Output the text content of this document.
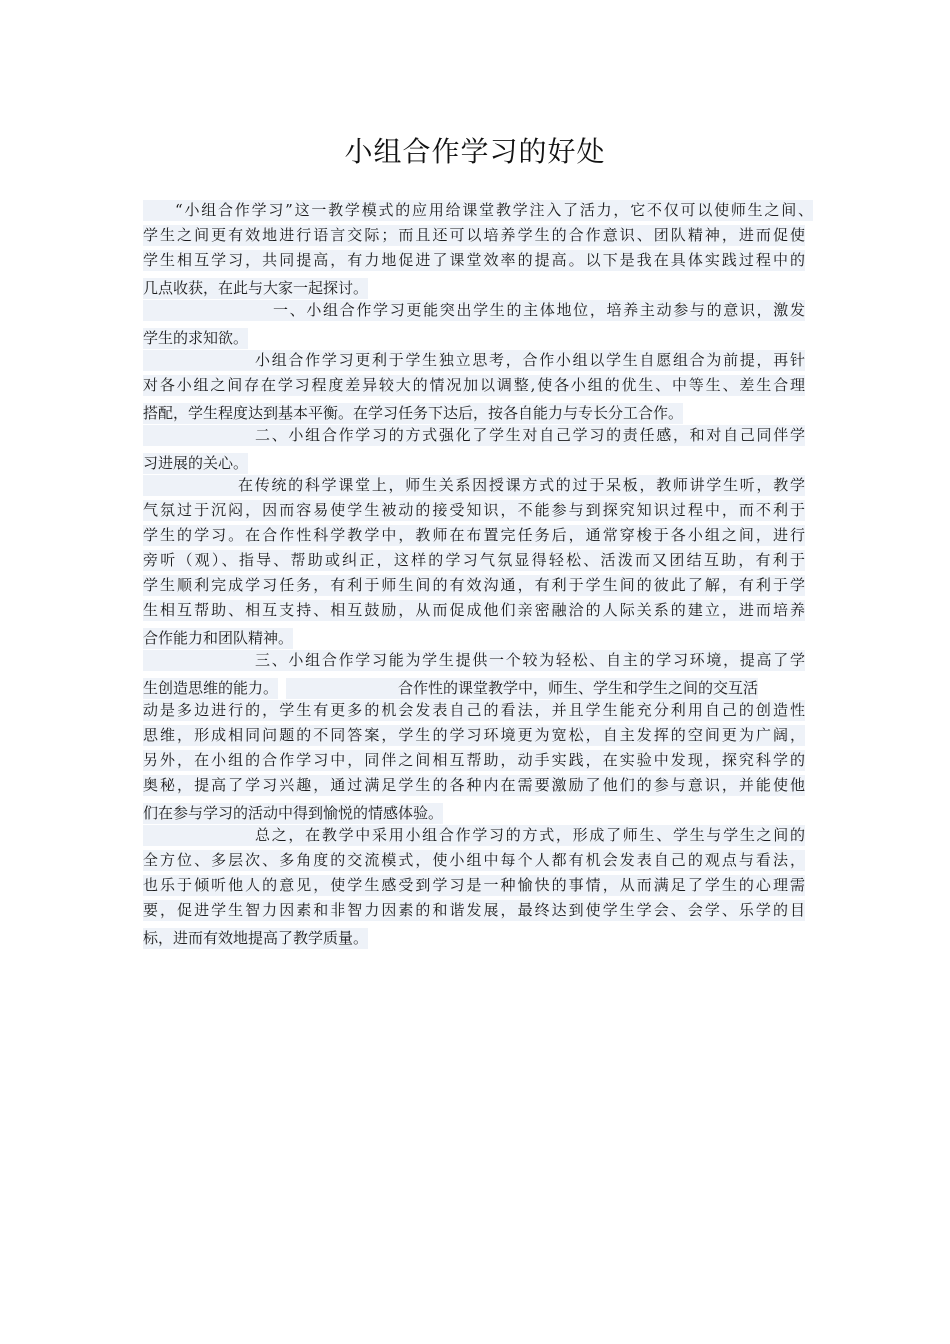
小组合作学习的好处
“小组合作学习”这一教学模式的应用给课堂教学注入了活力，它不仅可以使师生之间、
学生之间更有效地进行语言交际；而且还可以培养学生的合作意识、团队精神，进而促使
学生相互学习，共同提高，有力地促进了课堂效率的提高。以下是我在具体实践过程中的
几点收获，在此与大家一起探讨。
一、小组合作学习更能突出学生的主体地位，培养主动参与的意识，激发
学生的求知欲。
小组合作学习更利于学生独立思考，合作小组以学生自愿组合为前提，再针
对各小组之间存在学习程度差异较大的情况加以调整,使各小组的优生、中等生、差生合理
搭配，学生程度达到基本平衡。在学习任务下达后，按各自能力与专长分工合作。
二、小组合作学习的方式强化了学生对自己学习的责任感，和对自己同伴学
习进展的关心。
在传统的科学课堂上，师生关系因授课方式的过于呆板，教师讲学生听，教学
气氛过于沉闷，因而容易使学生被动的接受知识，不能参与到探究知识过程中，而不利于
学生的学习。在合作性科学教学中，教师在布置完任务后，通常穿梭于各小组之间，进行
旁听（观）、指导、帮助或纠正，这样的学习气氛显得轻松、活泼而又团结互助，有利于
学生顺利完成学习任务，有利于师生间的有效沟通，有利于学生间的彼此了解，有利于学
生相互帮助、相互支持、相互鼓励，从而促成他们亲密融洽的人际关系的建立，进而培养
合作能力和团队精神。
三、小组合作学习能为学生提供一个较为轻松、自主的学习环境，提高了学
生创造思维的能力。	合作性的课堂教学中，师生、学生和学生之间的交互活
动是多边进行的，学生有更多的机会发表自己的看法，并且学生能充分利用自己的创造性
思维，形成相同问题的不同答案，学生的学习环境更为宽松，自主发挥的空间更为广阔，
另外，在小组的合作学习中，同伴之间相互帮助，动手实践，在实验中发现，探究科学的
奥秘，提高了学习兴趣，通过满足学生的各种内在需要激励了他们的参与意识，并能使他
们在参与学习的活动中得到愉悦的情感体验。
总之，在教学中采用小组合作学习的方式，形成了师生、学生与学生之间的
全方位、多层次、多角度的交流模式，使小组中每个人都有机会发表自己的观点与看法，
也乐于倾听他人的意见，使学生感受到学习是一种愉快的事情，从而满足了学生的心理需
要，促进学生智力因素和非智力因素的和谐发展，最终达到使学生学会、会学、乐学的目
标，进而有效地提高了教学质量。
